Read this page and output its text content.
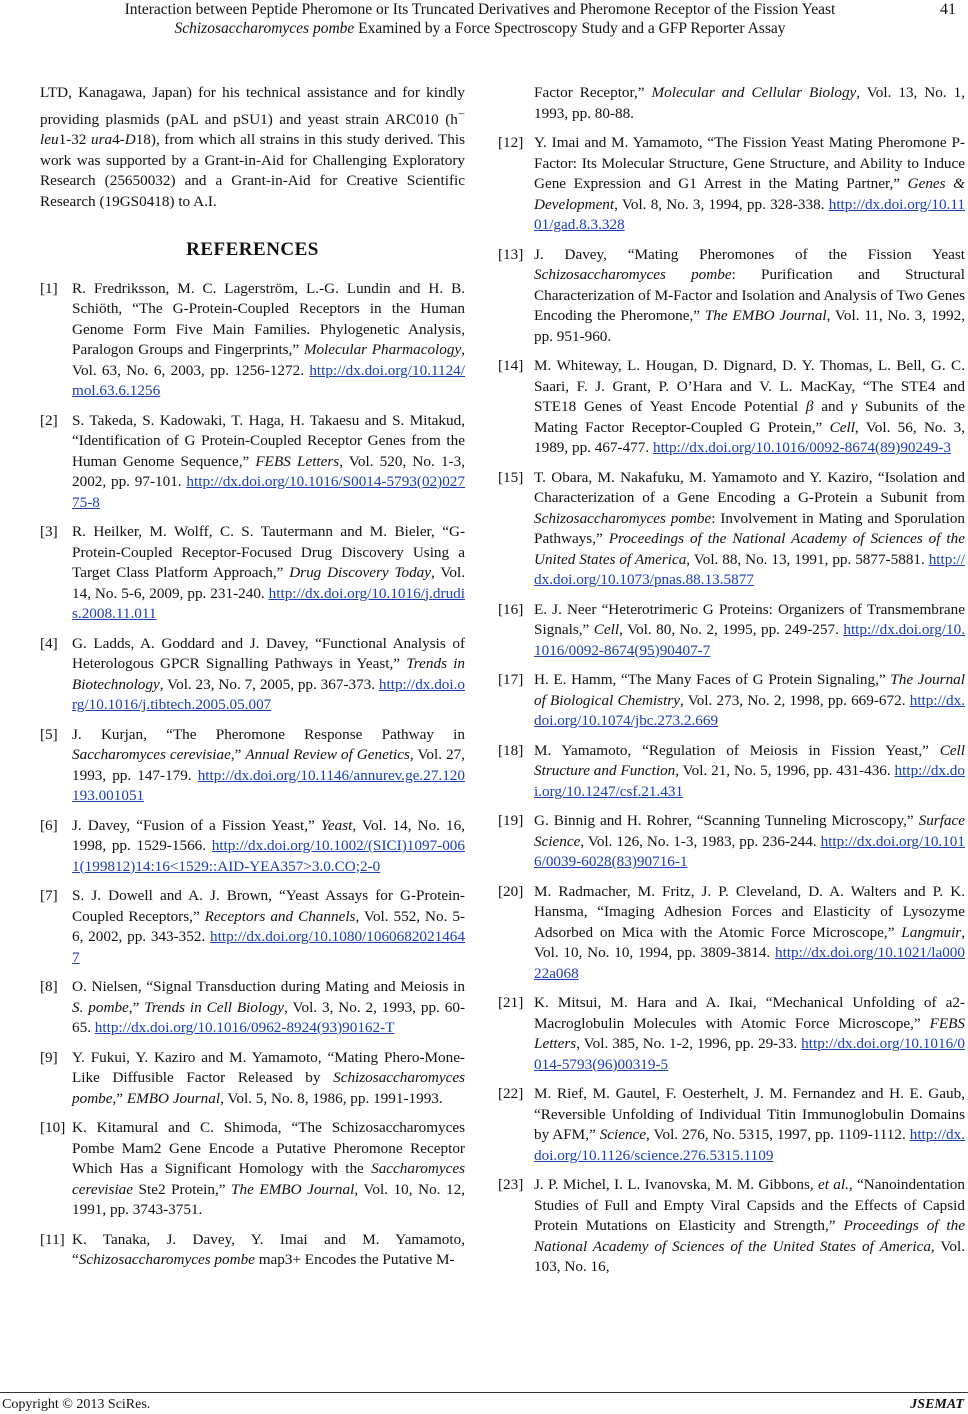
Interaction between Peptide Pheromone or Its Truncated Derivatives and Pheromone Receptor of the Fission Yeast
Schizosaccharomyces pombe Examined by a Force Spectroscopy Study and a GFP Reporter Assay
41

LTD, Kanagawa, Japan) for his technical assistance and for kindly providing plasmids (pAL and pSU1) and yeast strain ARC010 (h− leu1-32 ura4-D18), from which all strains in this study derived. This work was supported by a Grant-in-Aid for Challenging Exploratory Research (25650032) and a Grant-in-Aid for Creative Scientific Research (19GS0418) to A.I.

REFERENCES
[1] R. Fredriksson, M. C. Lagerström, L.-G. Lundin and H. B. Schiöth, “The G-Protein-Coupled Receptors in the Human Genome Form Five Main Families. Phylogenetic Analysis, Paralogon Groups and Fingerprints,” Molecular Pharmacology, Vol. 63, No. 6, 2003, pp. 1256-1272. http://dx.doi.org/10.1124/mol.63.6.1256
[2] S. Takeda, S. Kadowaki, T. Haga, H. Takaesu and S. Mitakud, “Identification of G Protein-Coupled Receptor Genes from the Human Genome Sequence,” FEBS Letters, Vol. 520, No. 1-3, 2002, pp. 97-101. http://dx.doi.org/10.1016/S0014-5793(02)02775-8
[3] R. Heilker, M. Wolff, C. S. Tautermann and M. Bieler, “G-Protein-Coupled Receptor-Focused Drug Discovery Using a Target Class Platform Approach,” Drug Discovery Today, Vol. 14, No. 5-6, 2009, pp. 231-240. http://dx.doi.org/10.1016/j.drudis.2008.11.011
[4] G. Ladds, A. Goddard and J. Davey, “Functional Analysis of Heterologous GPCR Signalling Pathways in Yeast,” Trends in Biotechnology, Vol. 23, No. 7, 2005, pp. 367-373. http://dx.doi.org/10.1016/j.tibtech.2005.05.007
[5] J. Kurjan, “The Pheromone Response Pathway in Saccharomyces cerevisiae,” Annual Review of Genetics, Vol. 27, 1993, pp. 147-179. http://dx.doi.org/10.1146/annurev.ge.27.120193.001051
[6] J. Davey, “Fusion of a Fission Yeast,” Yeast, Vol. 14, No. 16, 1998, pp. 1529-1566. http://dx.doi.org/10.1002/(SICI)1097-0061(199812)14:16<1529::AID-YEA357>3.0.CO;2-0
[7] S. J. Dowell and A. J. Brown, “Yeast Assays for G-Protein-Coupled Receptors,” Receptors and Channels, Vol. 552, No. 5-6, 2002, pp. 343-352. http://dx.doi.org/10.1080/10606820214647
[8] O. Nielsen, “Signal Transduction during Mating and Meiosis in S. pombe,” Trends in Cell Biology, Vol. 3, No. 2, 1993, pp. 60-65. http://dx.doi.org/10.1016/0962-8924(93)90162-T
[9] Y. Fukui, Y. Kaziro and M. Yamamoto, “Mating Phero-Mone-Like Diffusible Factor Released by Schizosaccharomyces pombe,” EMBO Journal, Vol. 5, No. 8, 1986, pp. 1991-1993.
[10] K. Kitamural and C. Shimoda, “The Schizosaccharomyces Pombe Mam2 Gene Encode a Putative Pheromone Receptor Which Has a Significant Homology with the Saccharomyces cerevisiae Ste2 Protein,” The EMBO Journal, Vol. 10, No. 12, 1991, pp. 3743-3751.
[11] K. Tanaka, J. Davey, Y. Imai and M. Yamamoto, “Schizosaccharomyces pombe map3+ Encodes the Putative M-
Factor Receptor,” Molecular and Cellular Biology, Vol. 13, No. 1, 1993, pp. 80-88.
[12] Y. Imai and M. Yamamoto, “The Fission Yeast Mating Pheromone P-Factor: Its Molecular Structure, Gene Structure, and Ability to Induce Gene Expression and G1 Arrest in the Mating Partner,” Genes & Development, Vol. 8, No. 3, 1994, pp. 328-338. http://dx.doi.org/10.1101/gad.8.3.328
[13] J. Davey, “Mating Pheromones of the Fission Yeast Schizosaccharomyces pombe: Purification and Structural Characterization of M-Factor and Isolation and Analysis of Two Genes Encoding the Pheromone,” The EMBO Journal, Vol. 11, No. 3, 1992, pp. 951-960.
[14] M. Whiteway, L. Hougan, D. Dignard, D. Y. Thomas, L. Bell, G. C. Saari, F. J. Grant, P. O’Hara and V. L. MacKay, “The STE4 and STE18 Genes of Yeast Encode Potential β and γ Subunits of the Mating Factor Receptor-Coupled G Protein,” Cell, Vol. 56, No. 3, 1989, pp. 467-477. http://dx.doi.org/10.1016/0092-8674(89)90249-3
[15] T. Obara, M. Nakafuku, M. Yamamoto and Y. Kaziro, “Isolation and Characterization of a Gene Encoding a G-Protein a Subunit from Schizosaccharomyces pombe: Involvement in Mating and Sporulation Pathways,” Proceedings of the National Academy of Sciences of the United States of America, Vol. 88, No. 13, 1991, pp. 5877-5881. http://dx.doi.org/10.1073/pnas.88.13.5877
[16] E. J. Neer “Heterotrimeric G Proteins: Organizers of Transmembrane Signals,” Cell, Vol. 80, No. 2, 1995, pp. 249-257. http://dx.doi.org/10.1016/0092-8674(95)90407-7
[17] H. E. Hamm, “The Many Faces of G Protein Signaling,” The Journal of Biological Chemistry, Vol. 273, No. 2, 1998, pp. 669-672. http://dx.doi.org/10.1074/jbc.273.2.669
[18] M. Yamamoto, “Regulation of Meiosis in Fission Yeast,” Cell Structure and Function, Vol. 21, No. 5, 1996, pp. 431-436. http://dx.doi.org/10.1247/csf.21.431
[19] G. Binnig and H. Rohrer, “Scanning Tunneling Microscopy,” Surface Science, Vol. 126, No. 1-3, 1983, pp. 236-244. http://dx.doi.org/10.1016/0039-6028(83)90716-1
[20] M. Radmacher, M. Fritz, J. P. Cleveland, D. A. Walters and P. K. Hansma, “Imaging Adhesion Forces and Elasticity of Lysozyme Adsorbed on Mica with the Atomic Force Microscope,” Langmuir, Vol. 10, No. 10, 1994, pp. 3809-3814. http://dx.doi.org/10.1021/la00022a068
[21] K. Mitsui, M. Hara and A. Ikai, “Mechanical Unfolding of a2-Macroglobulin Molecules with Atomic Force Microscope,” FEBS Letters, Vol. 385, No. 1-2, 1996, pp. 29-33. http://dx.doi.org/10.1016/0014-5793(96)00319-5
[22] M. Rief, M. Gautel, F. Oesterhelt, J. M. Fernandez and H. E. Gaub, “Reversible Unfolding of Individual Titin Immunoglobulin Domains by AFM,” Science, Vol. 276, No. 5315, 1997, pp. 1109-1112. http://dx.doi.org/10.1126/science.276.5315.1109
[23] J. P. Michel, I. L. Ivanovska, M. M. Gibbons, et al., “Nanoindentation Studies of Full and Empty Viral Capsids and the Effects of Capsid Protein Mutations on Elasticity and Strength,” Proceedings of the National Academy of Sciences of the United States of America, Vol. 103, No. 16,
Copyright © 2013 SciRes.	JSEMAT
